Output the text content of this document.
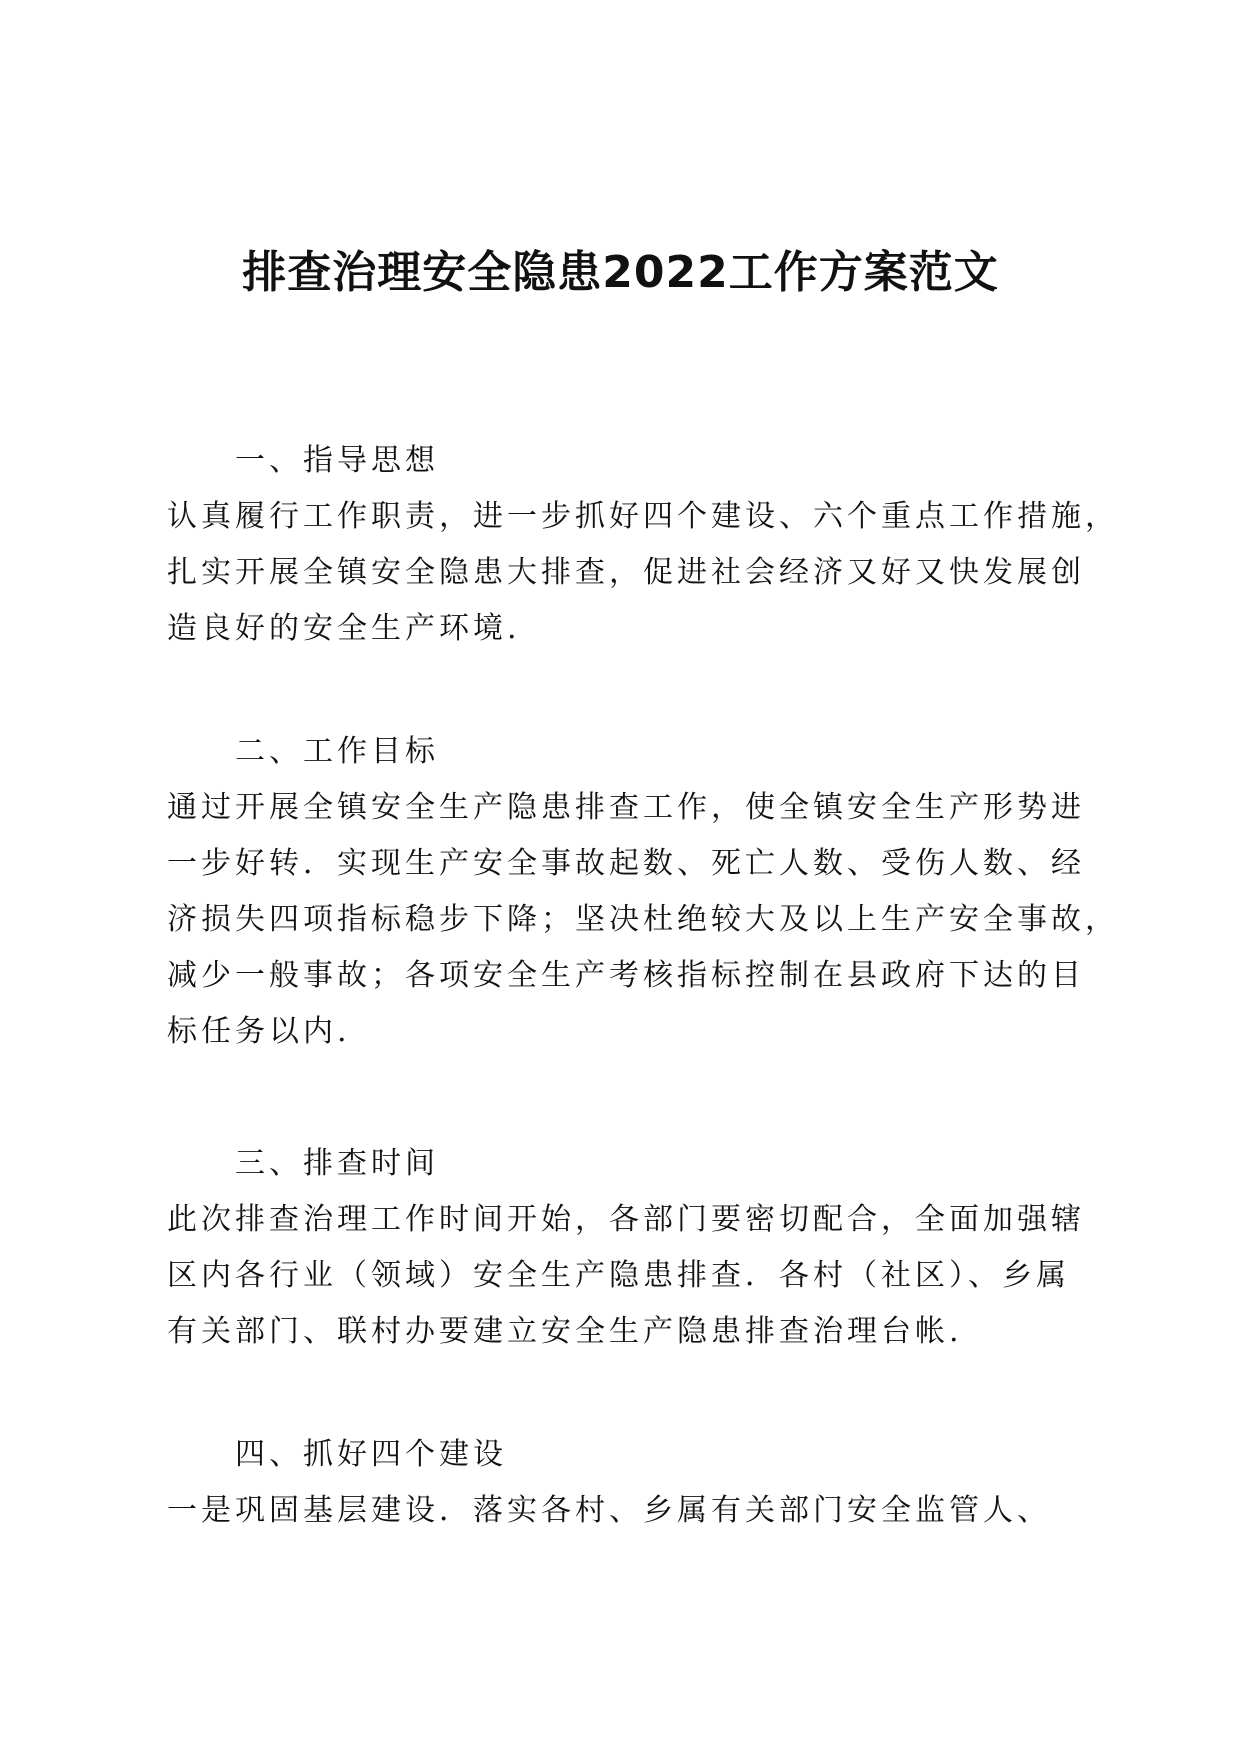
排查治理安全隐患2022工作方案范文

一、指导思想

认真履行工作职责，进一步抓好四个建设、六个重点工作措施，

扎实开展全镇安全隐患大排查，促进社会经济又好又快发展创

造良好的安全生产环境.

二、工作目标

通过开展全镇安全生产隐患排查工作，使全镇安全生产形势进

一步好转．实现生产安全事故起数、死亡人数、受伤人数、经

济损失四项指标稳步下降；坚决杜绝较大及以上生产安全事故，

减少一般事故；各项安全生产考核指标控制在县政府下达的目

标任务以内.

三、排查时间

此次排查治理工作时间开始，各部门要密切配合，全面加强辖

区内各行业（领域）安全生产隐患排查．各村（社区）、乡属

有关部门、联村办要建立安全生产隐患排查治理台帐.

四、抓好四个建设

一是巩固基层建设．落实各村、乡属有关部门安全监管人、
